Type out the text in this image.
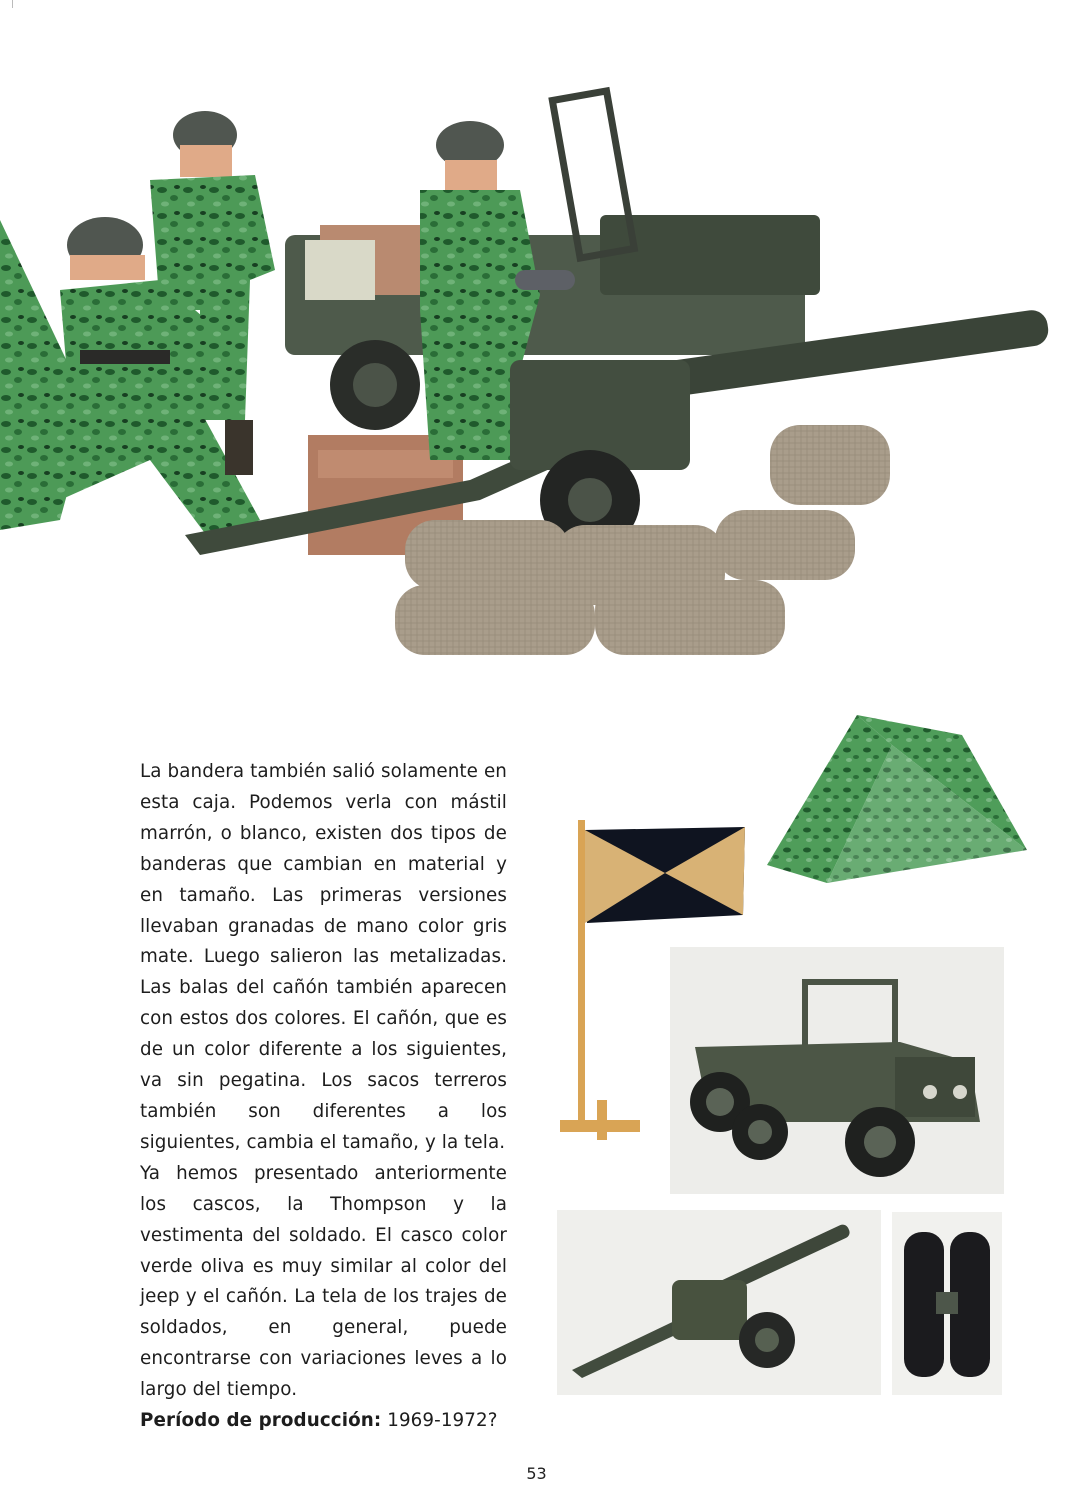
La bandera también salió solamente en esta caja. Podemos verla con mástil marrón, o blanco, existen dos tipos de banderas que cambian en material y en tamaño. Las primeras versiones llevaban granadas de mano color gris mate. Luego salieron las metalizadas. Las balas del cañón también aparecen con estos dos colores. El cañón, que es de un color diferente a los siguientes, va sin pegatina. Los sacos terreros también son diferentes a los siguientes, cambia el tamaño, y la tela.

Ya hemos presentado anteriormente los cascos, la Thompson y la vestimenta del soldado. El casco color verde oliva es muy similar al color del jeep y el cañón. La tela de los trajes de soldados, en general, puede encontrarse con variaciones leves a lo largo del tiempo.

Período de producción: 1969-1972?

53
